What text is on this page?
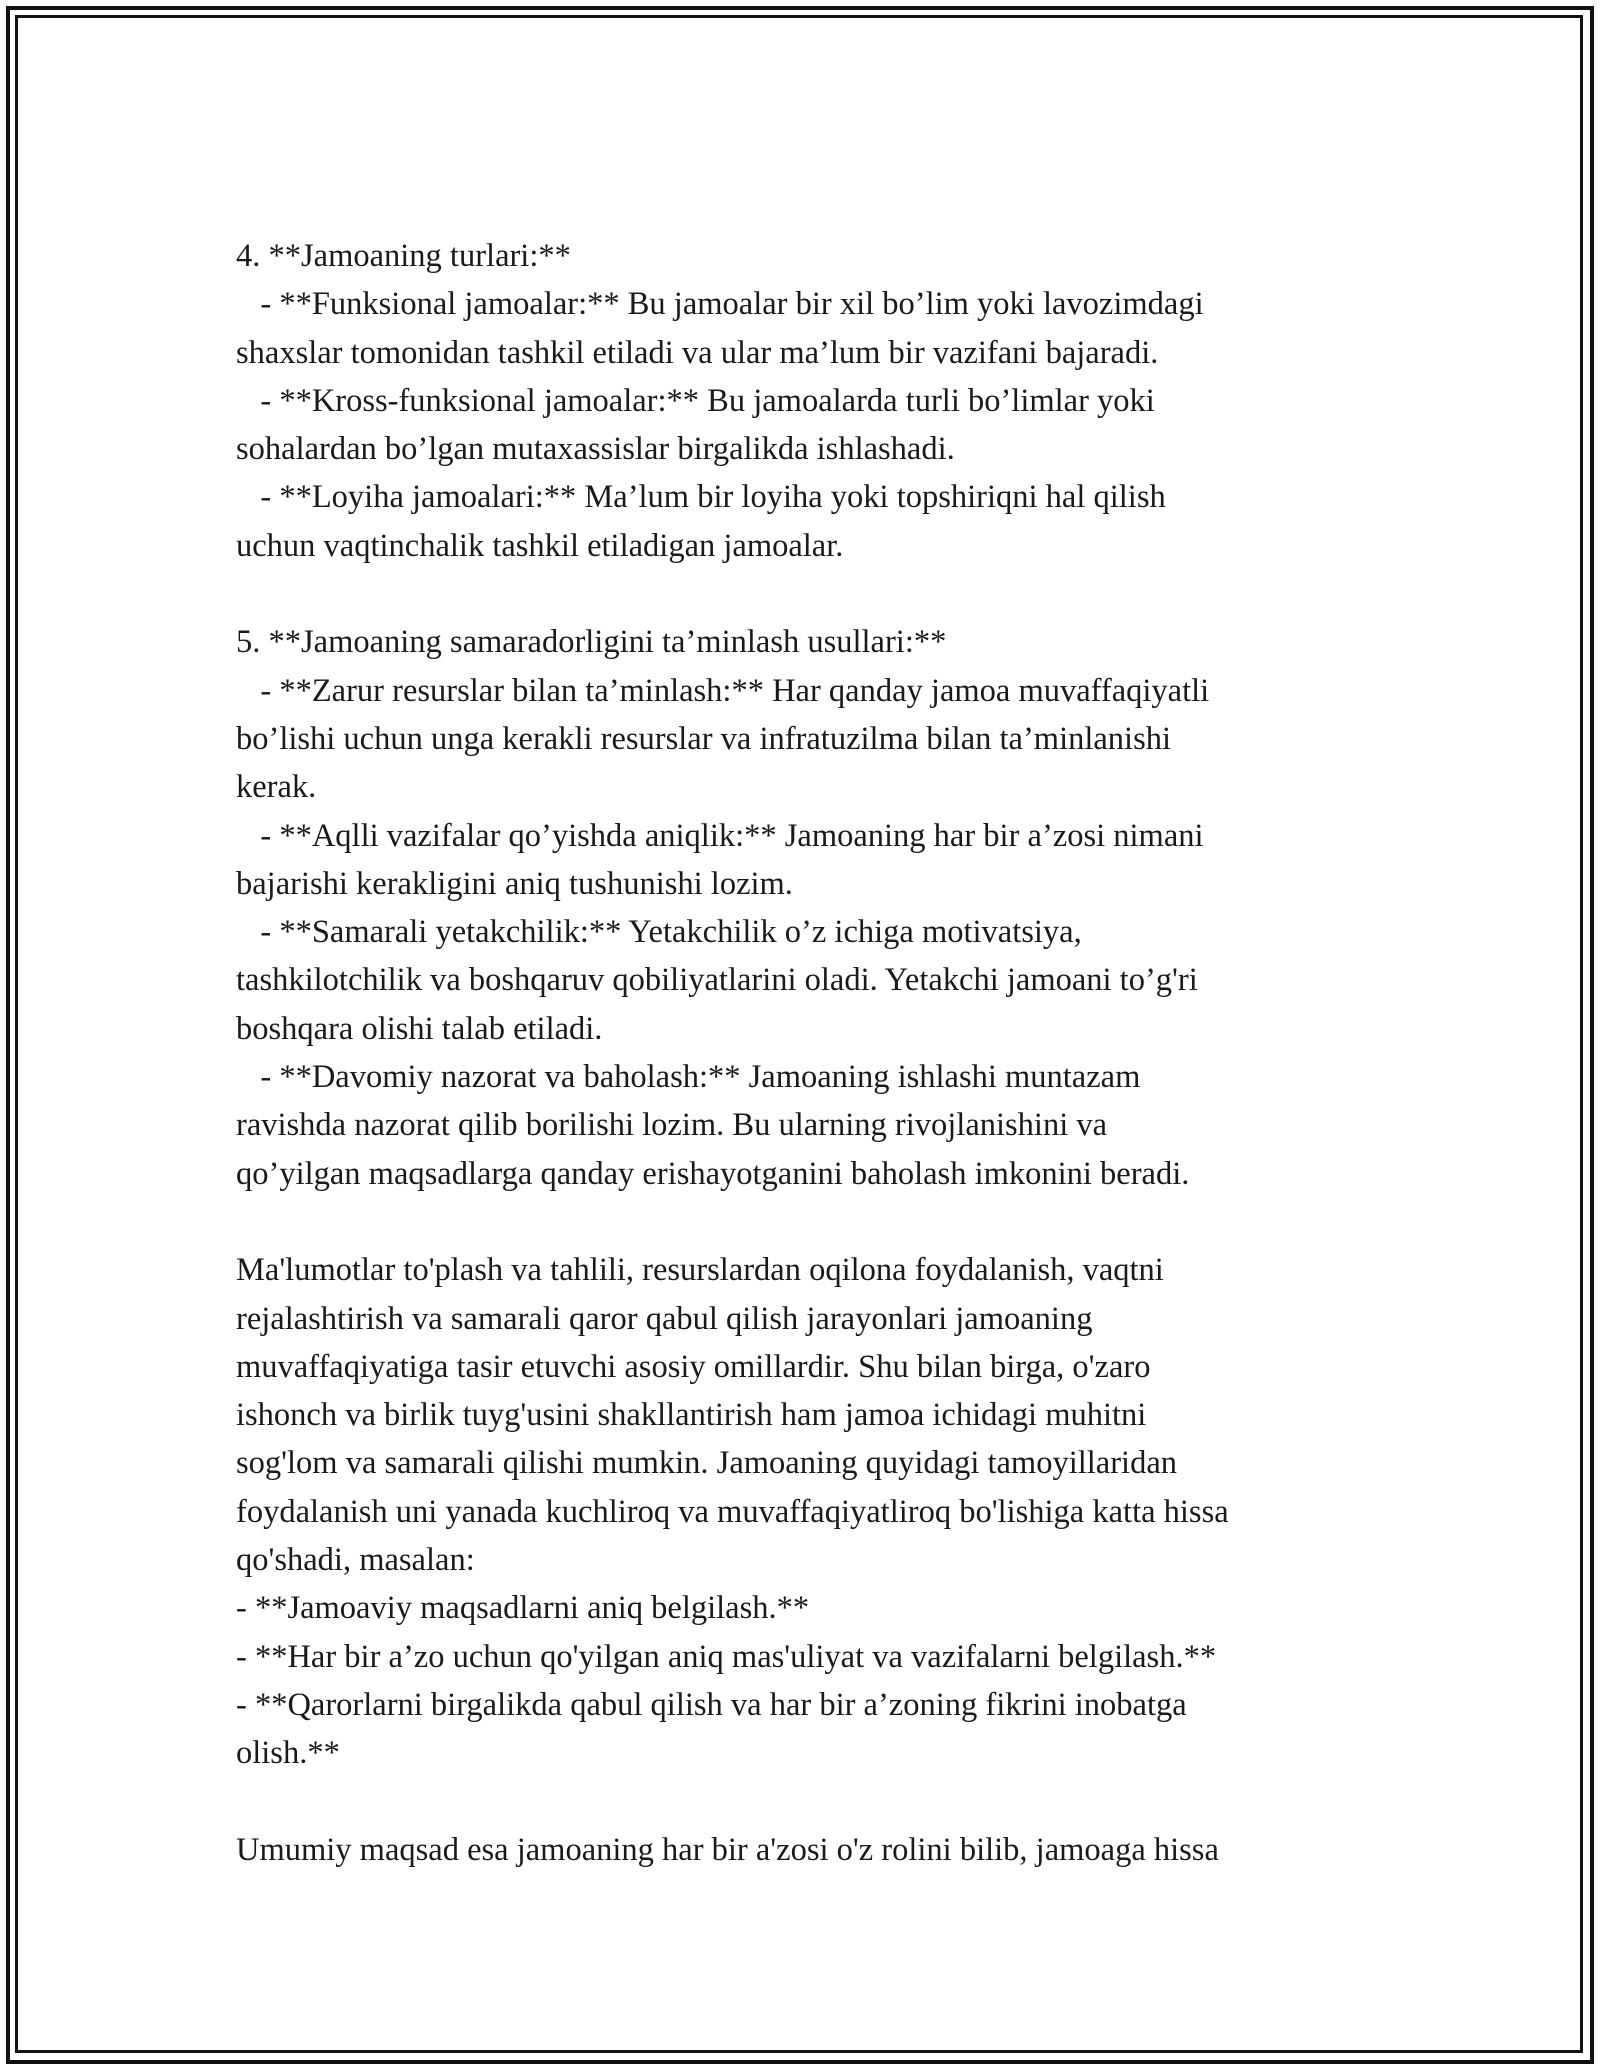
4. **Jamoaning turlari:**
- **Funksional jamoalar:** Bu jamoalar bir xil bo’lim yoki lavozimdagi
shaxslar tomonidan tashkil etiladi va ular ma’lum bir vazifani bajaradi.
- **Kross-funksional jamoalar:** Bu jamoalarda turli bo’limlar yoki
sohalardan bo’lgan mutaxassislar birgalikda ishlashadi.
- **Loyiha jamoalari:** Ma’lum bir loyiha yoki topshiriqni hal qilish
uchun vaqtinchalik tashkil etiladigan jamoalar.
5. **Jamoaning samaradorligini ta’minlash usullari:**
- **Zarur resurslar bilan ta’minlash:** Har qanday jamoa muvaffaqiyatli
bo’lishi uchun unga kerakli resurslar va infratuzilma bilan ta’minlanishi
kerak.
- **Aqlli vazifalar qo’yishda aniqlik:** Jamoaning har bir a’zosi nimani
bajarishi kerakligini aniq tushunishi lozim.
- **Samarali yetakchilik:** Yetakchilik o’z ichiga motivatsiya,
tashkilotchilik va boshqaruv qobiliyatlarini oladi. Yetakchi jamoani to’g'ri
boshqara olishi talab etiladi.
- **Davomiy nazorat va baholash:** Jamoaning ishlashi muntazam
ravishda nazorat qilib borilishi lozim. Bu ularning rivojlanishini va
qo’yilgan maqsadlarga qanday erishayotganini baholash imkonini beradi.
Ma'lumotlar to'plash va tahlili, resurslardan oqilona foydalanish, vaqtni
rejalashtirish va samarali qaror qabul qilish jarayonlari jamoaning
muvaffaqiyatiga tasir etuvchi asosiy omillardir. Shu bilan birga, o'zaro
ishonch va birlik tuyg'usini shakllantirish ham jamoa ichidagi muhitni
sog'lom va samarali qilishi mumkin. Jamoaning quyidagi tamoyillaridan
foydalanish uni yanada kuchliroq va muvaffaqiyatliroq bo'lishiga katta hissa
qo'shadi, masalan:
- **Jamoaviy maqsadlarni aniq belgilash.**
- **Har bir a’zo uchun qo'yilgan aniq mas'uliyat va vazifalarni belgilash.**
- **Qarorlarni birgalikda qabul qilish va har bir a’zoning fikrini inobatga
olish.**
Umumiy maqsad esa jamoaning har bir a'zosi o'z rolini bilib, jamoaga hissa
